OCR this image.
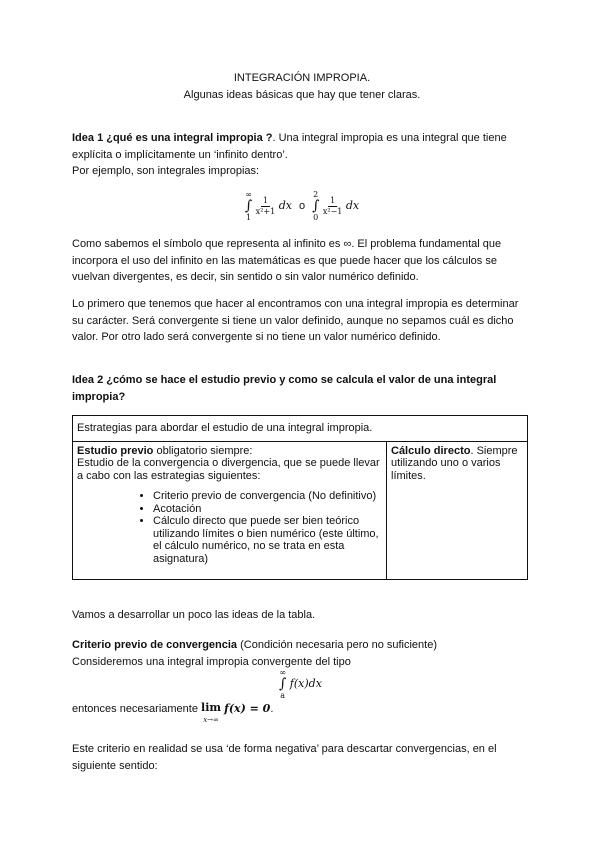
INTEGRACIÓN IMPROPIA.
Algunas ideas básicas que hay que tener claras.
Idea 1 ¿qué es una integral impropia ?. Una integral impropia es una integral que tiene explícita o implícitamente un ‘infinito dentro’.
Por ejemplo, son integrales impropias:
∞
∫
1

$\frac{1}{\text{x²+1}}$ dx o
2
∫
0

$\frac{1}{\text{x²−1}}$ dx
Como sabemos el símbolo que representa al infinito es ∞. El problema fundamental que incorpora el uso del infinito en las matemáticas es que puede hacer que los cálculos se vuelvan divergentes, es decir, sin sentido o sin valor numérico definido.
Lo primero que tenemos que hacer al encontramos con una integral impropia es determinar su carácter. Será convergente si tiene un valor definido, aunque no sepamos cuál es dicho valor. Por otro lado será convergente si no tiene un valor numérico definido.
Idea 2 ¿cómo se hace el estudio previo y como se calcula el valor de una integral impropia?
Estrategias para abordar el estudio de una integral impropia.
Estudio previo obligatorio siempre:
Estudio de la convergencia o divergencia, que se puede llevar a cabo con las estrategias siguientes:
• Criterio previo de convergencia (No definitivo)
• Acotación
• Cálculo directo que puede ser bien teórico utilizando límites o bien numérico (este último, el cálculo numérico, no se trata en esta asignatura)
	Cálculo directo. Siempre utilizando uno o varios límites.
Vamos a desarrollar un poco las ideas de la tabla.
Criterio previo de convergencia (Condición necesaria pero no suficiente)
Consideremos una integral impropia convergente del tipo
∞
∫
a
f(x)dx
entonces necesariamente lim
x→∞
f(x) = 0.
Este criterio en realidad se usa ‘de forma negativa’ para descartar convergencias, en el siguiente sentido:
